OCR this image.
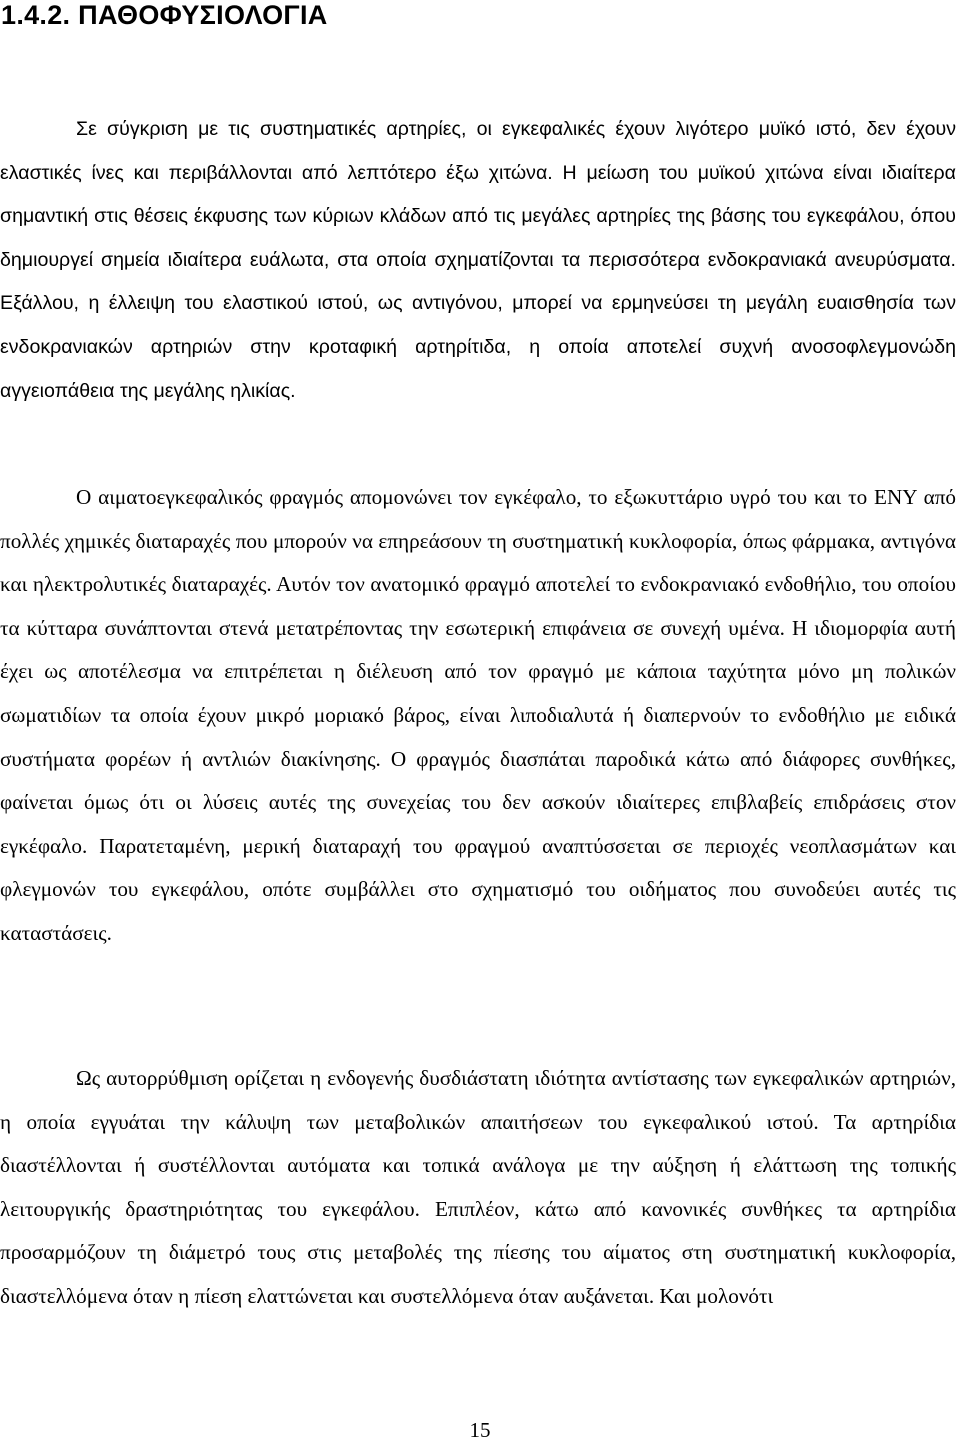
1.4.2. ΠΑΘΟΦΥΣΙΟΛΟΓΙΑ

Σε σύγκριση με τις συστηματικές αρτηρίες, οι εγκεφαλικές έχουν λιγότερο μυϊκό ιστό, δεν έχουν ελαστικές ίνες και περιβάλλονται από λεπτότερο έξω χιτώνα. Η μείωση του μυϊκού χιτώνα είναι ιδιαίτερα σημαντική στις θέσεις έκφυσης των κύριων κλάδων από τις μεγάλες αρτηρίες της βάσης του εγκεφάλου, όπου δημιουργεί σημεία ιδιαίτερα ευάλωτα, στα οποία σχηματίζονται τα περισσότερα ενδοκρανιακά ανευρύσματα. Εξάλλου, η έλλειψη του ελαστικού ιστού, ως αντιγόνου, μπορεί να ερμηνεύσει τη μεγάλη ευαισθησία των ενδοκρανιακών αρτηριών στην κροταφική αρτηρίτιδα, η οποία αποτελεί συχνή ανοσοφλεγμονώδη αγγειοπάθεια της μεγάλης ηλικίας.

Ο αιματοεγκεφαλικός φραγμός απομονώνει τον εγκέφαλο, το εξωκυττάριο υγρό του και το ΕΝΥ από πολλές χημικές διαταραχές που μπορούν να επηρεάσουν τη συστηματική κυκλοφορία, όπως φάρμακα, αντιγόνα και ηλεκτρολυτικές διαταραχές. Αυτόν τον ανατομικό φραγμό αποτελεί το ενδοκρανιακό ενδοθήλιο, του οποίου τα κύτταρα συνάπτονται στενά μετατρέποντας την εσωτερική επιφάνεια σε συνεχή υμένα. Η ιδιομορφία αυτή έχει ως αποτέλεσμα να επιτρέπεται η διέλευση από τον φραγμό με κάποια ταχύτητα μόνο μη πολικών σωματιδίων τα οποία έχουν μικρό μοριακό βάρος, είναι λιποδιαλυτά ή διαπερνούν το ενδοθήλιο με ειδικά συστήματα φορέων ή αντλιών διακίνησης. Ο φραγμός διασπάται παροδικά κάτω από διάφορες συνθήκες, φαίνεται όμως ότι οι λύσεις αυτές της συνεχείας του δεν ασκούν ιδιαίτερες επιβλαβείς επιδράσεις στον εγκέφαλο. Παρατεταμένη, μερική διαταραχή του φραγμού αναπτύσσεται σε περιοχές νεοπλασμάτων και φλεγμονών του εγκεφάλου, οπότε συμβάλλει στο σχηματισμό του οιδήματος που συνοδεύει αυτές τις καταστάσεις.

Ως αυτορρύθμιση ορίζεται η ενδογενής δυσδιάστατη ιδιότητα αντίστασης των εγκεφαλικών αρτηριών, η οποία εγγυάται την κάλυψη των μεταβολικών απαιτήσεων του εγκεφαλικού ιστού. Τα αρτηρίδια διαστέλλονται ή συστέλλονται αυτόματα και τοπικά ανάλογα με την αύξηση ή ελάττωση της τοπικής λειτουργικής δραστηριότητας του εγκεφάλου. Επιπλέον, κάτω από κανονικές συνθήκες τα αρτηρίδια προσαρμόζουν τη διάμετρό τους στις μεταβολές της πίεσης του αίματος στη συστηματική κυκλοφορία, διαστελλόμενα όταν η πίεση ελαττώνεται και συστελλόμενα όταν αυξάνεται. Και μολονότι

15
